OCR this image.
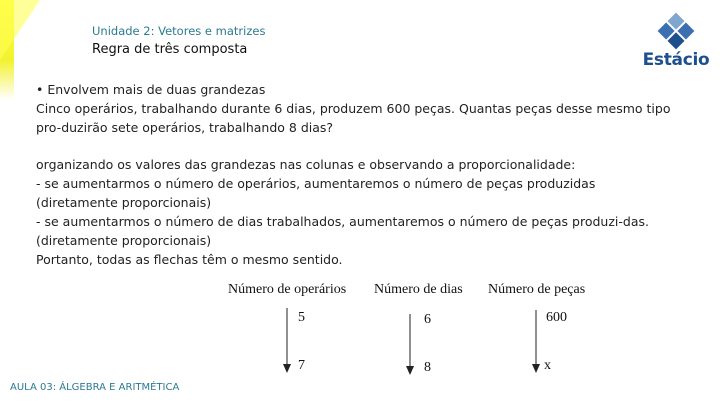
Unidade 2: Vetores e matrizes
Regra de três composta
Estácio

• Envolvem mais de duas grandezas

Cinco operários, trabalhando durante 6 dias, produzem 600 peças. Quantas peças desse mesmo tipo

pro-duzirão sete operários, trabalhando 8 dias?

organizando os valores das grandezas nas colunas e observando a proporcionalidade:

- se aumentarmos o número de operários, aumentaremos o número de peças produzidas

(diretamente proporcionais)

- se aumentarmos o número de dias trabalhados, aumentaremos o número de peças produzi-das.

(diretamente proporcionais)

Portanto, todas as flechas têm o mesmo sentido.

Número de operários Número de dias Número de peças
5	6	600
7	8	x
AULA 03: ÁLGEBRA E ARITMÉTICA
